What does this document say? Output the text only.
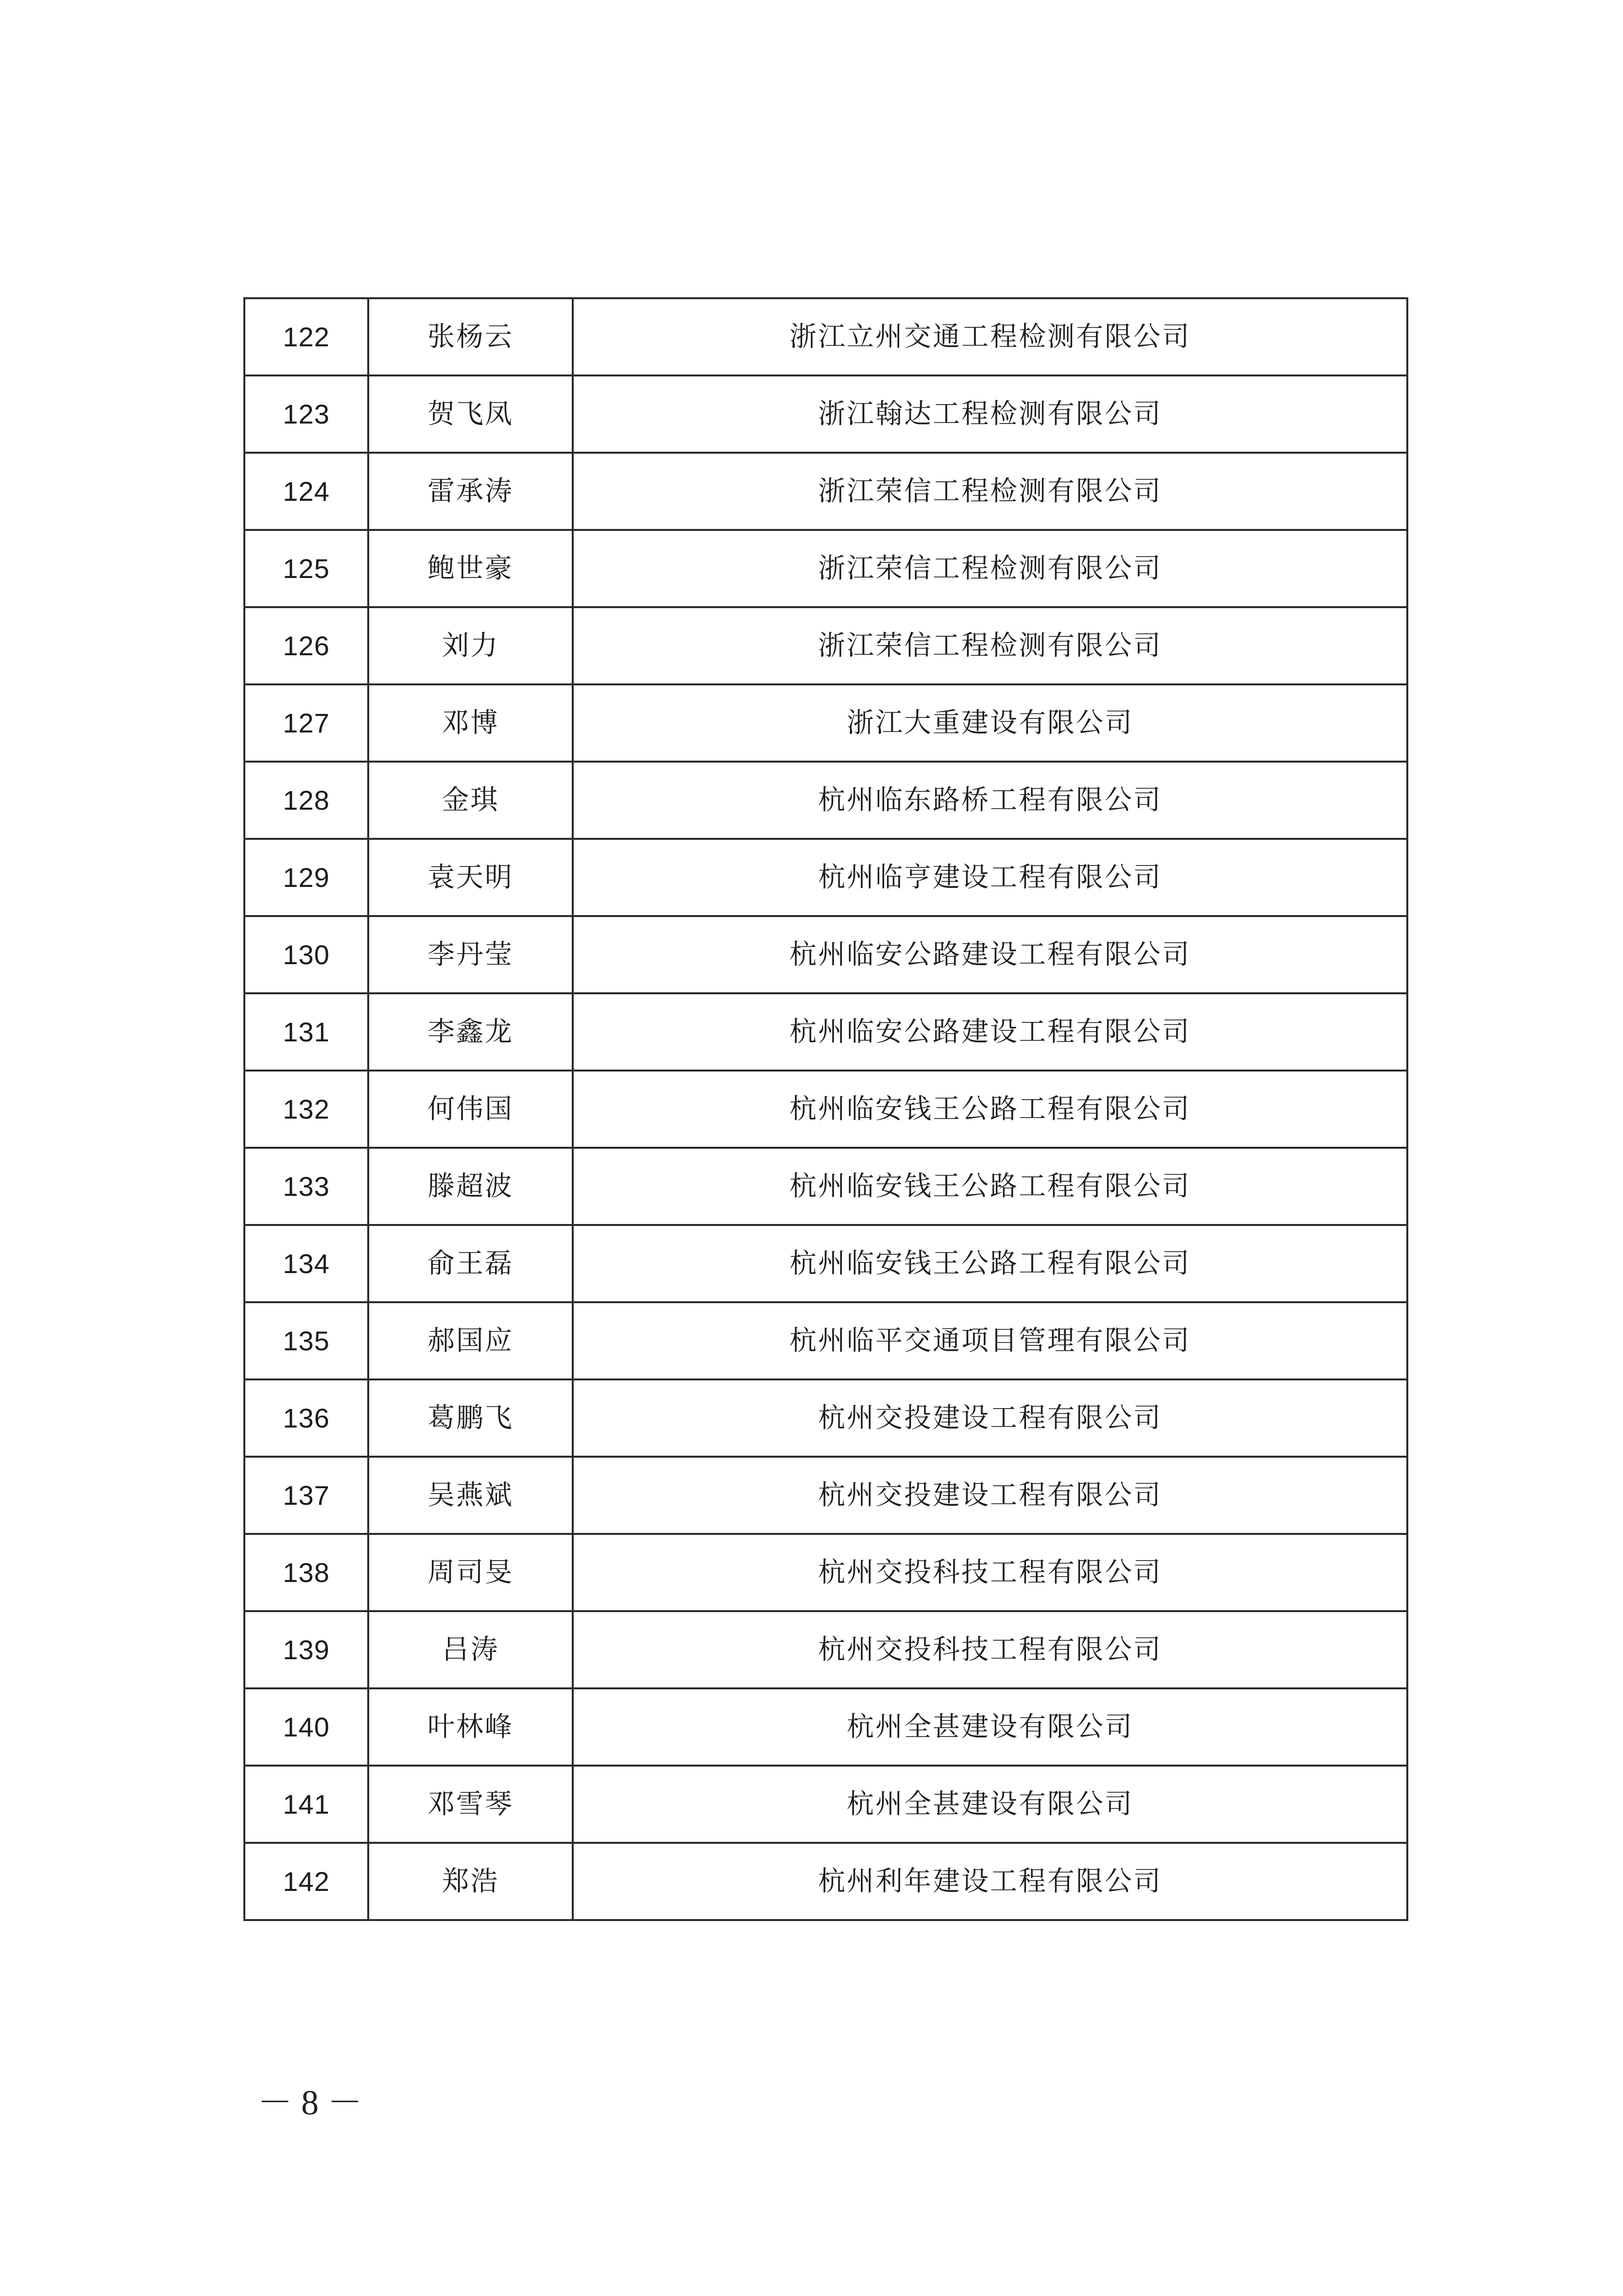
122	张杨云	浙江立州交通工程检测有限公司
123	贺飞凤	浙江翰达工程检测有限公司
124	雷承涛	浙江荣信工程检测有限公司
125	鲍世豪	浙江荣信工程检测有限公司
126	刘力	浙江荣信工程检测有限公司
127	邓博	浙江大重建设有限公司
128	金琪	杭州临东路桥工程有限公司
129	袁天明	杭州临亨建设工程有限公司
130	李丹莹	杭州临安公路建设工程有限公司
131	李鑫龙	杭州临安公路建设工程有限公司
132	何伟国	杭州临安钱王公路工程有限公司
133	滕超波	杭州临安钱王公路工程有限公司
134	俞王磊	杭州临安钱王公路工程有限公司
135	郝国应	杭州临平交通项目管理有限公司
136	葛鹏飞	杭州交投建设工程有限公司
137	吴燕斌	杭州交投建设工程有限公司
138	周司旻	杭州交投科技工程有限公司
139	吕涛	杭州交投科技工程有限公司
140	叶林峰	杭州全甚建设有限公司
141	邓雪琴	杭州全甚建设有限公司
142	郑浩	杭州利年建设工程有限公司
－ 8 －
